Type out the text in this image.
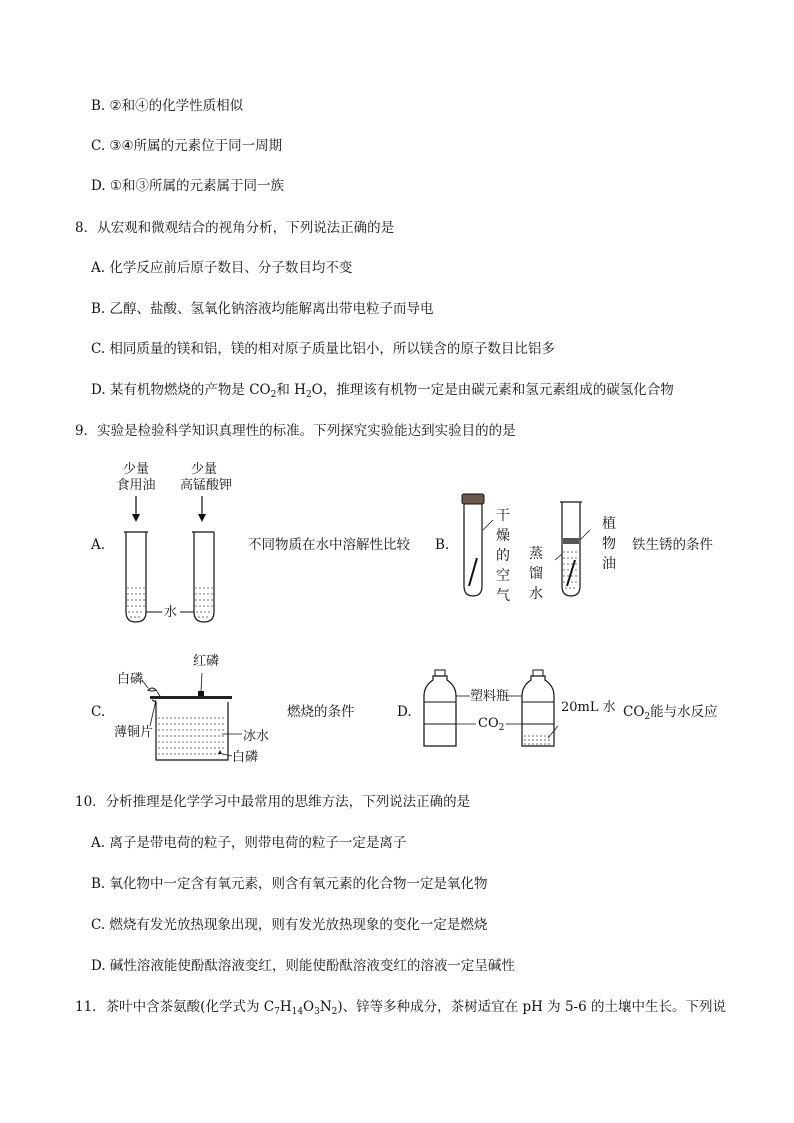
B. ②和④的化学性质相似
C. ③④所属的元素位于同一周期
D. ①和③所属的元素属于同一族
8．从宏观和微观结合的视角分析，下列说法正确的是
A. 化学反应前后原子数目、分子数目均不变
B. 乙醇、盐酸、氢氧化钠溶液均能解离出带电粒子而导电
C. 相同质量的镁和铝，镁的相对原子质量比铝小，所以镁含的原子数目比铝多
D. 某有机物燃烧的产物是 $CO_2$和 $H_2O$，推理该有机物一定是由碳元素和氢元素组成的碳氢化合物
9．实验是检验科学知识真理性的标准。下列探究实验能达到实验目的的是
A.
少量
食用油
少量
高锰酸钾
水
不同物质在水中溶解性比较 B.
干燥的空气
蒸馏水
植物油
铁生锈的条件
C.
白磷
红磷
薄铜片	冰水
白磷
燃烧的条件	D.
塑料瓶
$CO_2$
20mL 水 $CO_2$能与水反应
10．分析推理是化学学习中最常用的思维方法，下列说法正确的是
A. 离子是带电荷的粒子，则带电荷的粒子一定是离子
B. 氧化物中一定含有氧元素，则含有氧元素的化合物一定是氧化物
C. 燃烧有发光放热现象出现，则有发光放热现象的变化一定是燃烧
D. 碱性溶液能使酚酞溶液变红，则能使酚酞溶液变红的溶液一定呈碱性
11．茶叶中含茶氨酸(化学式为 $C_7H_{14}O_3N_2$)、锌等多种成分，茶树适宜在 pH 为 5-6 的土壤中生长。下列说
